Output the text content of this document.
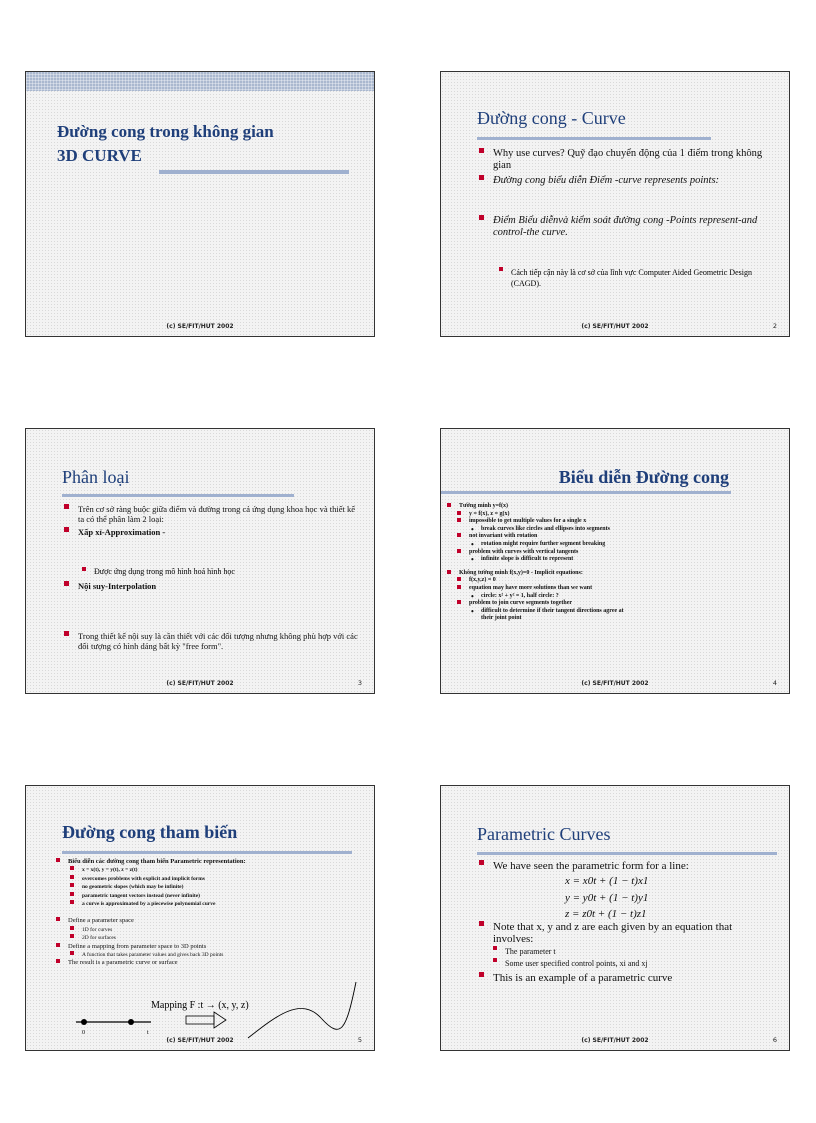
Đường cong trong không gian
3D CURVE
(c) SE/FIT/HUT 2002
Đường cong - Curve
Why use curves? Quỹ đạo chuyển động của 1 điểm trong không gian
Đường cong biểu diễn Điểm -curve represents points:
Điểm Biểu diễnvà kiểm soát đường cong -Points represent-and control-the curve.
Cách tiếp cận này là cơ sở của lĩnh vực Computer Aided Geometric Design (CAGD).
(c) SE/FIT/HUT 2002	2
Phân loại
Trên cơ sở ràng buộc giữa điểm và đường trong cả ứng dụng khoa học và thiết kế ta có thể phân làm 2 loại:
Xấp xỉ-Approximation -
Được ứng dụng trong mô hình hoá hình học
Nội suy-Interpolation
Trong thiết kế nội suy là cần thiết với các đối tượng nhưng không phù hợp với các đối tượng có hình dáng bất kỳ "free form".
(c) SE/FIT/HUT 2002	3
Biểu diễn Đường cong
Tường minh y=f(x)
y = f(x), z = g(x)
impossible to get multiple values for a single x
• break curves like circles and ellipses into segments
not invariant with rotation
• rotation might require further segment breaking
problem with curves with vertical tangents
• infinite slope is difficult to represent
Không tường minh f(x,y)=0 - Implicit equations:
f(x,y,z) = 0
equation may have more solutions than we want
• circle: x² + y² = 1, half circle: ?
problem to join curve segments together
• difficult to determine if their tangent directions agree at their joint point
(c) SE/FIT/HUT 2002	4
Đường cong tham biến
Biểu diễn các đường cong tham biến Parametric representation:
x = x(t), y = y(t), z = z(t)
overcomes problems with explicit and implicit forms
no geometric slopes (which may be infinite)
parametric tangent vectors instead (never infinite)
a curve is approximated by a piecewise polynomial curve
Define a parameter space
1D for curves
2D for surfaces
Define a mapping from parameter space to 3D points
A function that takes parameter values and gives back 3D points
The result is a parametric curve or surface
0	t
Mapping F :t → (x, y, z)
(c) SE/FIT/HUT 2002	5
Parametric Curves
We have seen the parametric form for a line:
x = x0t + (1 − t)x1
y = y0t + (1 − t)y1
z = z0t + (1 − t)z1
Note that x, y and z are each given by an equation that involves:
The parameter t
Some user specified control points, xi and xj
This is an example of a parametric curve
(c) SE/FIT/HUT 2002	6
